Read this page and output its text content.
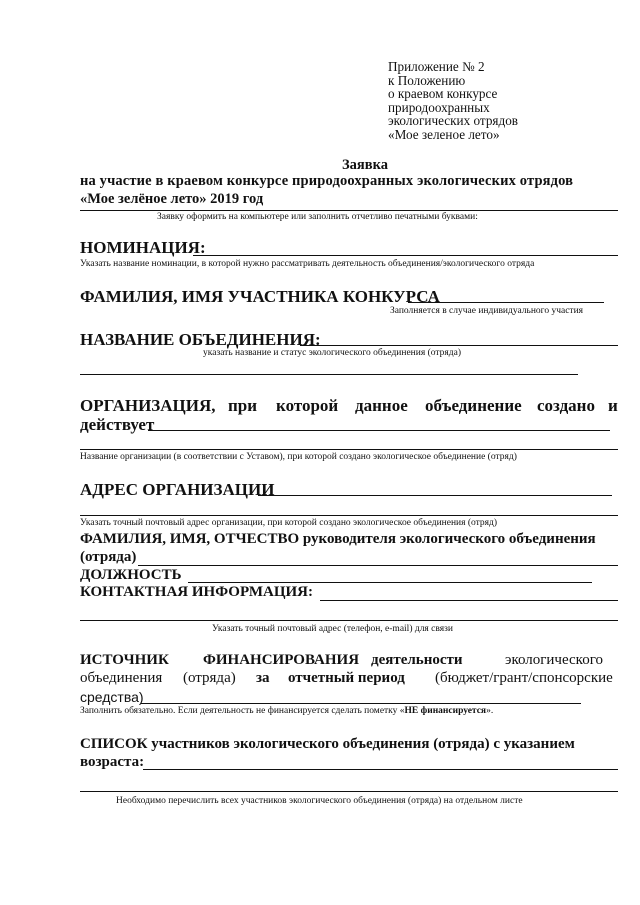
Приложение № 2
к Положению
о краевом конкурсе
природоохранных
экологических отрядов
«Мое зеленое лето»
Заявка
на участие в краевом конкурсе природоохранных экологических отрядов
«Мое зелёное лето» 2019 год
Заявку оформить на компьютере или заполнить отчетливо печатными буквами:
НОМИНАЦИЯ:
Указать название номинации, в которой нужно рассматривать деятельность объединения/экологического отряда
ФАМИЛИЯ, ИМЯ УЧАСТНИКА КОНКУРСА
Заполняется в случае индивидуального участия
НАЗВАНИЕ ОБЪЕДИНЕНИЯ:
указать название и статус экологического объединения (отряда)
ОРГАНИЗАЦИЯ, при которой данное объединение создано и
действует
Название организации (в соответствии с Уставом), при которой создано экологическое объединение (отряд)
АДРЕС ОРГАНИЗАЦИИ
Указать точный почтовый адрес организации, при которой создано экологическое объединения (отряд)
ФАМИЛИЯ, ИМЯ, ОТЧЕСТВО руководителя экологического объединения
(отряда)
ДОЛЖНОСТЬ
КОНТАКТНАЯ ИНФОРМАЦИЯ:
Указать точный почтовый адрес (телефон, e-mail) для связи
ИСТОЧНИК ФИНАНСИРОВАНИЯ деятельности	экологического
объединения (отряда) за отчетный период (бюджет/грант/спонсорские
средства)
Заполнить обязательно. Если деятельность не финансируется сделать пометку «НЕ финансируется».
СПИСОК участников экологического объединения (отряда) с указанием
возраста:
Необходимо перечислить всех участников экологического объединения (отряда) на отдельном листе
